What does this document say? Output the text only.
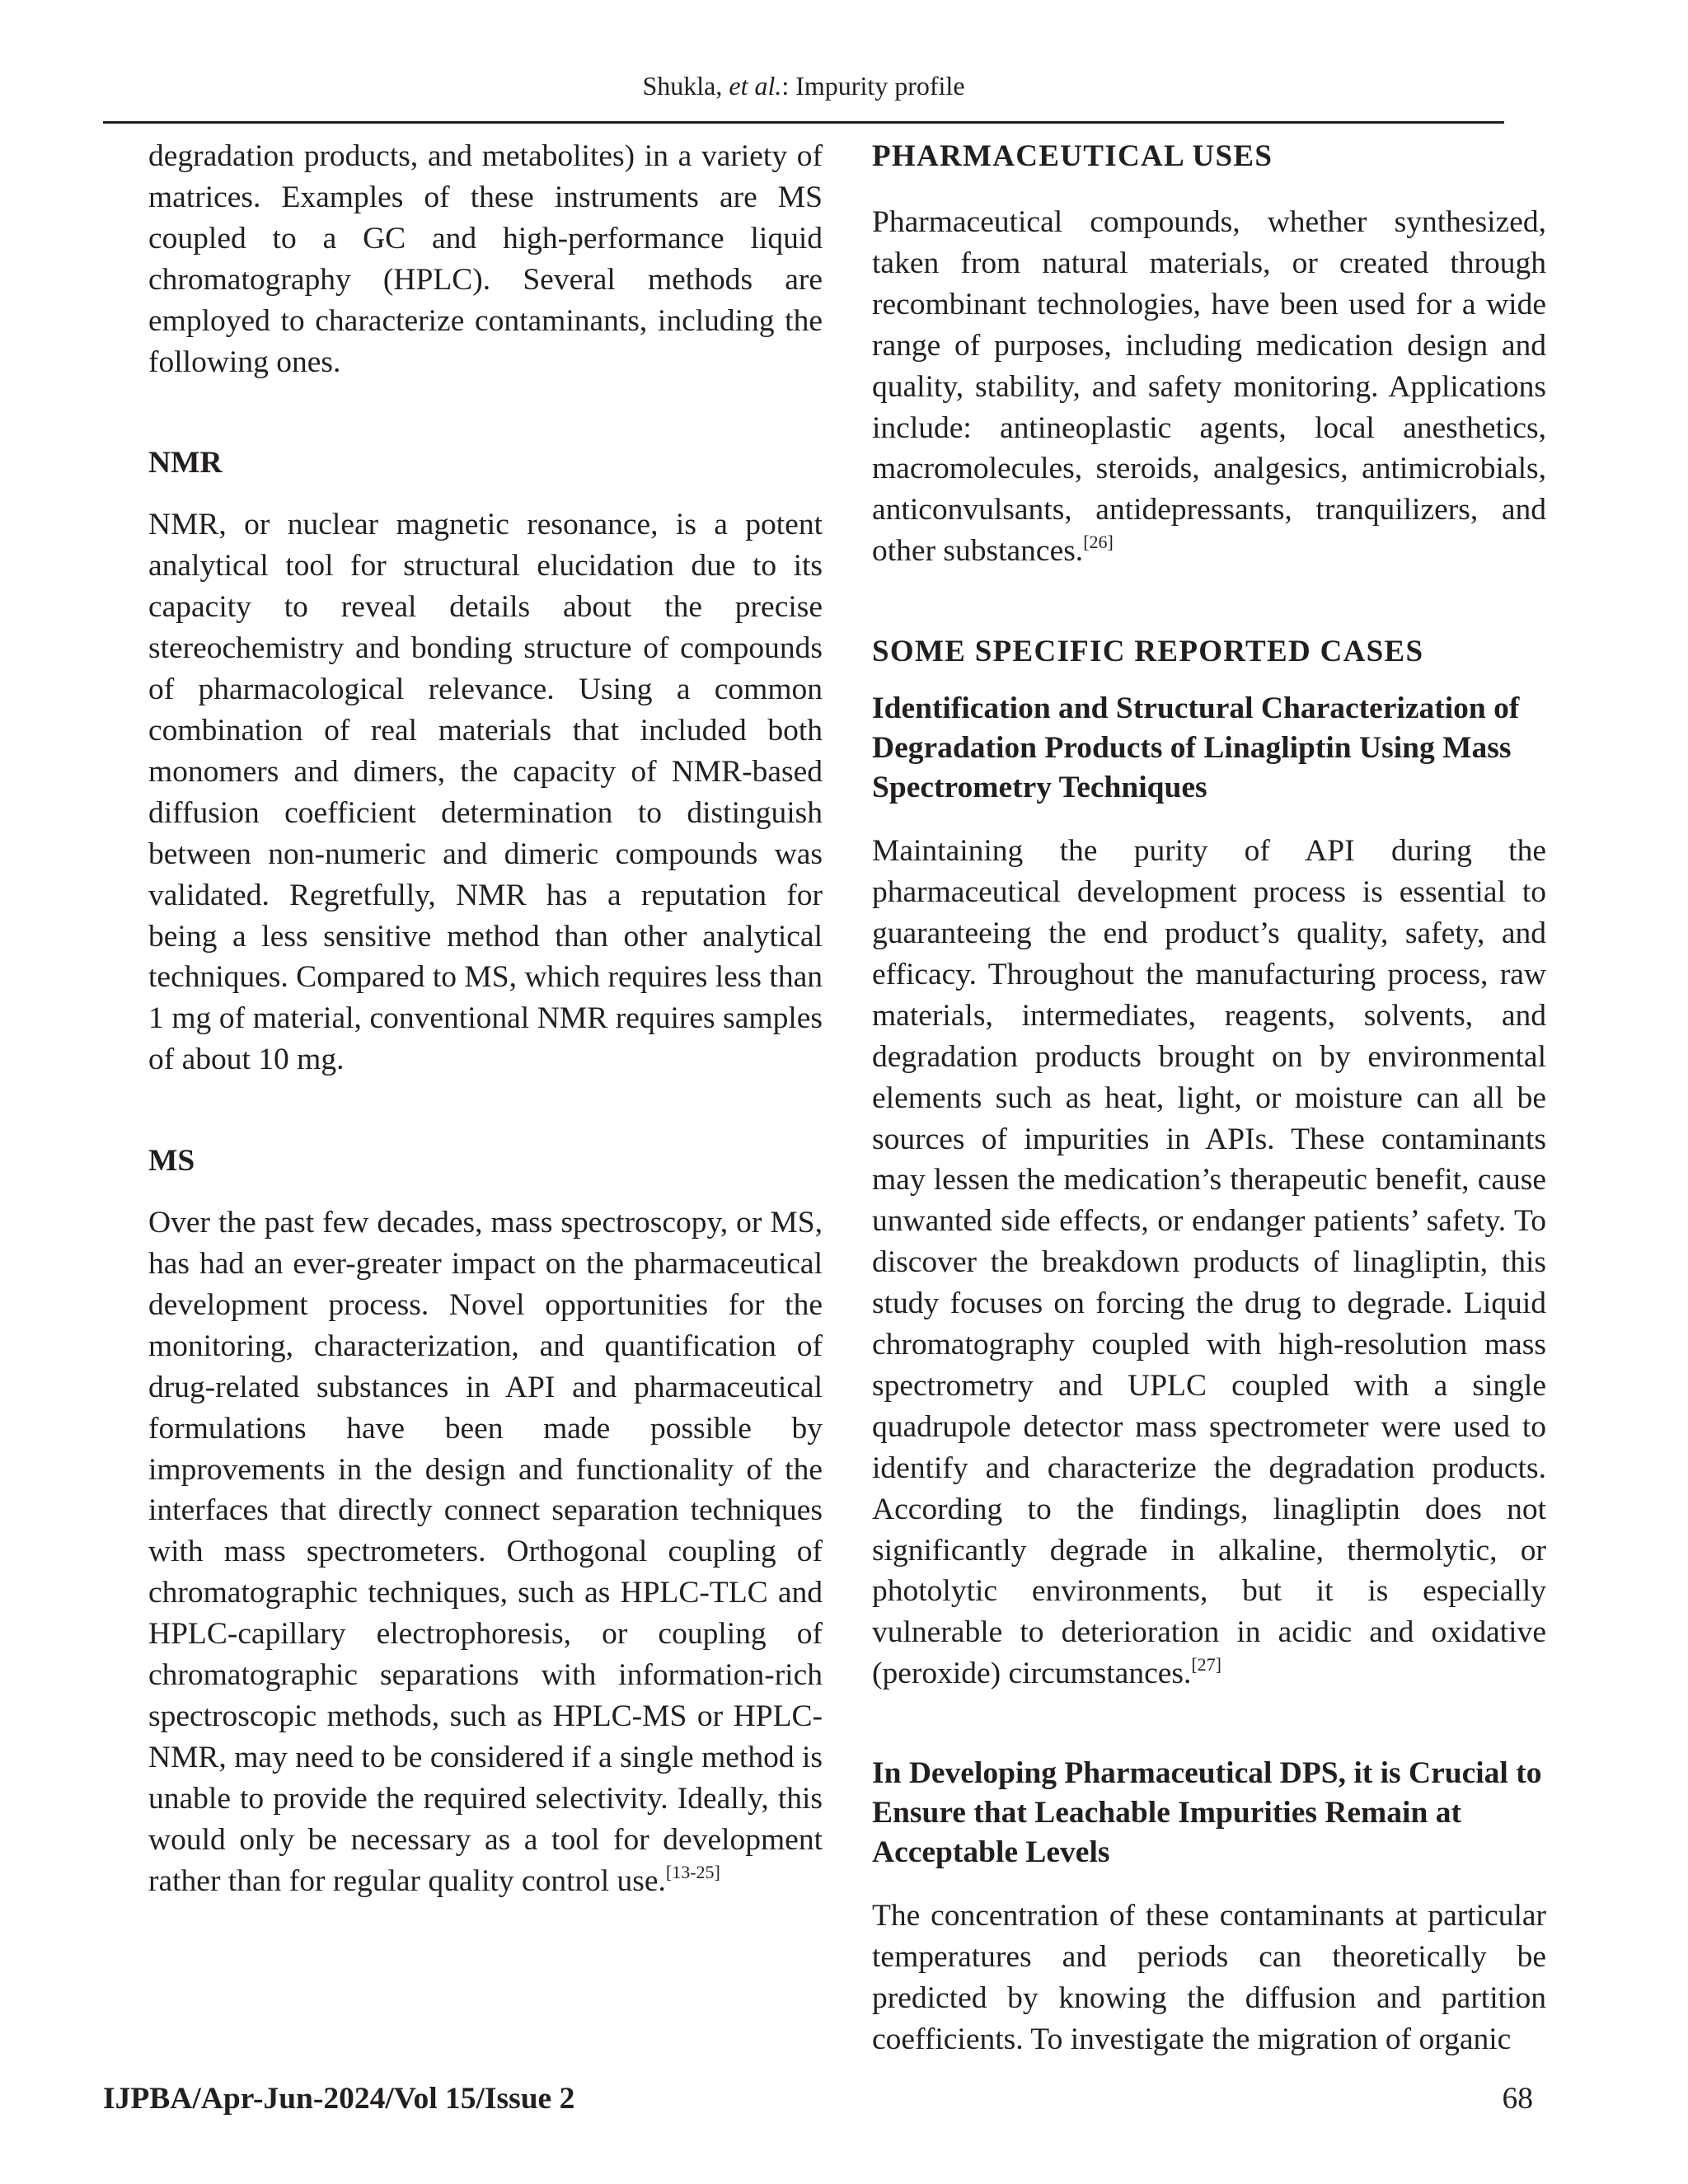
Shukla, et al.: Impurity profile

degradation products, and metabolites) in a variety of matrices. Examples of these instruments are MS coupled to a GC and high-performance liquid chromatography (HPLC). Several methods are employed to characterize contaminants, including the following ones.

NMR

NMR, or nuclear magnetic resonance, is a potent analytical tool for structural elucidation due to its capacity to reveal details about the precise stereochemistry and bonding structure of compounds of pharmacological relevance. Using a common combination of real materials that included both monomers and dimers, the capacity of NMR-based diffusion coefficient determination to distinguish between non-numeric and dimeric compounds was validated. Regretfully, NMR has a reputation for being a less sensitive method than other analytical techniques. Compared to MS, which requires less than 1 mg of material, conventional NMR requires samples of about 10 mg.

MS

Over the past few decades, mass spectroscopy, or MS, has had an ever-greater impact on the pharmaceutical development process. Novel opportunities for the monitoring, characterization, and quantification of drug-related substances in API and pharmaceutical formulations have been made possible by improvements in the design and functionality of the interfaces that directly connect separation techniques with mass spectrometers. Orthogonal coupling of chromatographic techniques, such as HPLC-TLC and HPLC-capillary electrophoresis, or coupling of chromatographic separations with information-rich spectroscopic methods, such as HPLC-MS or HPLC-NMR, may need to be considered if a single method is unable to provide the required selectivity. Ideally, this would only be necessary as a tool for development rather than for regular quality control use.[13-25]

PHARMACEUTICAL USES

Pharmaceutical compounds, whether synthesized, taken from natural materials, or created through recombinant technologies, have been used for a wide range of purposes, including medication design and quality, stability, and safety monitoring. Applications include: antineoplastic agents, local anesthetics, macromolecules, steroids, analgesics, antimicrobials, anticonvulsants, antidepressants, tranquilizers, and other substances.[26]

SOME SPECIFIC REPORTED CASES
Identification and Structural Characterization of Degradation Products of Linagliptin Using Mass Spectrometry Techniques

Maintaining the purity of API during the pharmaceutical development process is essential to guaranteeing the end product’s quality, safety, and efficacy. Throughout the manufacturing process, raw materials, intermediates, reagents, solvents, and degradation products brought on by environmental elements such as heat, light, or moisture can all be sources of impurities in APIs. These contaminants may lessen the medication’s therapeutic benefit, cause unwanted side effects, or endanger patients’ safety. To discover the breakdown products of linagliptin, this study focuses on forcing the drug to degrade. Liquid chromatography coupled with high-resolution mass spectrometry and UPLC coupled with a single quadrupole detector mass spectrometer were used to identify and characterize the degradation products. According to the findings, linagliptin does not significantly degrade in alkaline, thermolytic, or photolytic environments, but it is especially vulnerable to deterioration in acidic and oxidative (peroxide) circumstances.[27]

In Developing Pharmaceutical DPS, it is Crucial to Ensure that Leachable Impurities Remain at Acceptable Levels

The concentration of these contaminants at particular temperatures and periods can theoretically be predicted by knowing the diffusion and partition coefficients. To investigate the migration of organic

IJPBA/Apr-Jun-2024/Vol 15/Issue 2	68
